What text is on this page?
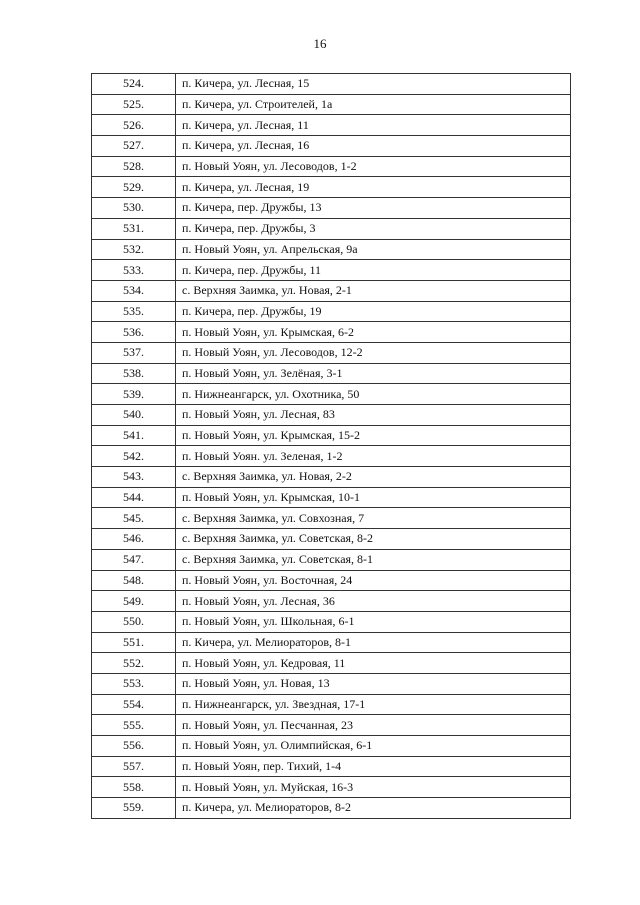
16
524.	п. Кичера, ул. Лесная, 15
525.	п. Кичера, ул. Строителей, 1а
526.	п. Кичера, ул. Лесная, 11
527.	п. Кичера, ул. Лесная, 16
528.	п. Новый Уоян, ул. Лесоводов, 1-2
529.	п. Кичера, ул. Лесная, 19
530.	п. Кичера, пер. Дружбы, 13
531.	п. Кичера, пер. Дружбы, 3
532.	п. Новый Уоян, ул. Апрельская, 9а
533.	п. Кичера, пер. Дружбы, 11
534.	с. Верхняя Заимка, ул. Новая, 2-1
535.	п. Кичера, пер. Дружбы, 19
536.	п. Новый Уоян, ул. Крымская, 6-2
537.	п. Новый Уоян, ул. Лесоводов, 12-2
538.	п. Новый Уоян, ул. Зелёная, 3-1
539.	п. Нижнеангарск, ул. Охотника, 50
540.	п. Новый Уоян, ул. Лесная, 83
541.	п. Новый Уоян, ул. Крымская, 15-2
542.	п. Новый Уоян. ул. Зеленая, 1-2
543.	с. Верхняя Заимка, ул. Новая, 2-2
544.	п. Новый Уоян, ул. Крымская, 10-1
545.	с. Верхняя Заимка, ул. Совхозная, 7
546.	с. Верхняя Заимка, ул. Советская, 8-2
547.	с. Верхняя Заимка, ул. Советская, 8-1
548.	п. Новый Уоян, ул. Восточная, 24
549.	п. Новый Уоян, ул. Лесная, 36
550.	п. Новый Уоян, ул. Школьная, 6-1
551.	п. Кичера, ул. Мелиораторов, 8-1
552.	п. Новый Уоян, ул. Кедровая, 11
553.	п. Новый Уоян, ул. Новая, 13
554.	п. Нижнеангарск, ул. Звездная, 17-1
555.	п. Новый Уоян, ул. Песчанная, 23
556.	п. Новый Уоян, ул. Олимпийская, 6-1
557.	п. Новый Уоян, пер. Тихий, 1-4
558.	п. Новый Уоян, ул. Муйская, 16-3
559.	п. Кичера, ул. Мелиораторов, 8-2
